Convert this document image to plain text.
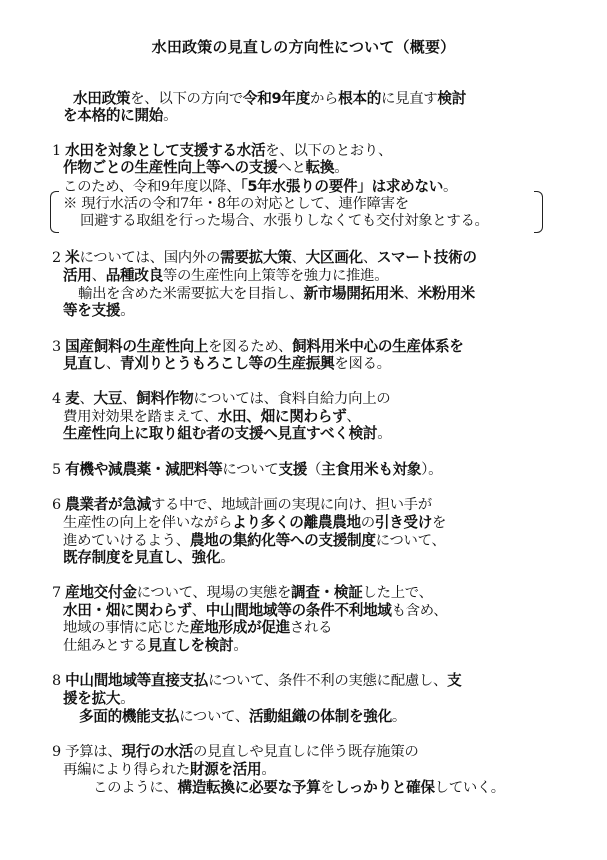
水田政策の見直しの方向性について（概要）
水田政策を、以下の方向で令和9年度から根本的に見直す検討
を本格的に開始。
1 水田を対象として支援する水活を、以下のとおり、
作物ごとの生産性向上等への支援へと転換。
このため、令和9年度以降、「5年水張りの要件」は求めない。
※ 現行水活の令和7年・8年の対応として、連作障害を
回避する取組を行った場合、水張りしなくても交付対象とする。
2 米については、国内外の需要拡大策、大区画化、スマート技術の
活用、品種改良等の生産性向上策等を強力に推進。
輸出を含めた米需要拡大を目指し、新市場開拓用米、米粉用米
等を支援。
3 国産飼料の生産性向上を図るため、飼料用米中心の生産体系を
見直し、青刈りとうもろこし等の生産振興を図る。
4 麦、大豆、飼料作物については、食料自給力向上の
費用対効果を踏まえて、水田、畑に関わらず、
生産性向上に取り組む者の支援へ見直すべく検討。
5 有機や減農薬・減肥料等について支援（主食用米も対象）。
6 農業者が急減する中で、地域計画の実現に向け、担い手が
生産性の向上を伴いながらより多くの離農農地の引き受けを
進めていけるよう、農地の集約化等への支援制度について、
既存制度を見直し、強化。
7 産地交付金について、現場の実態を調査・検証した上で、
水田・畑に関わらず、中山間地域等の条件不利地域も含め、
地域の事情に応じた産地形成が促進される
仕組みとする見直しを検討。
8 中山間地域等直接支払について、条件不利の実態に配慮し、支
援を拡大。
多面的機能支払について、活動組織の体制を強化。
9 予算は、現行の水活の見直しや見直しに伴う既存施策の
再編により得られた財源を活用。
このように、構造転換に必要な予算をしっかりと確保していく。
